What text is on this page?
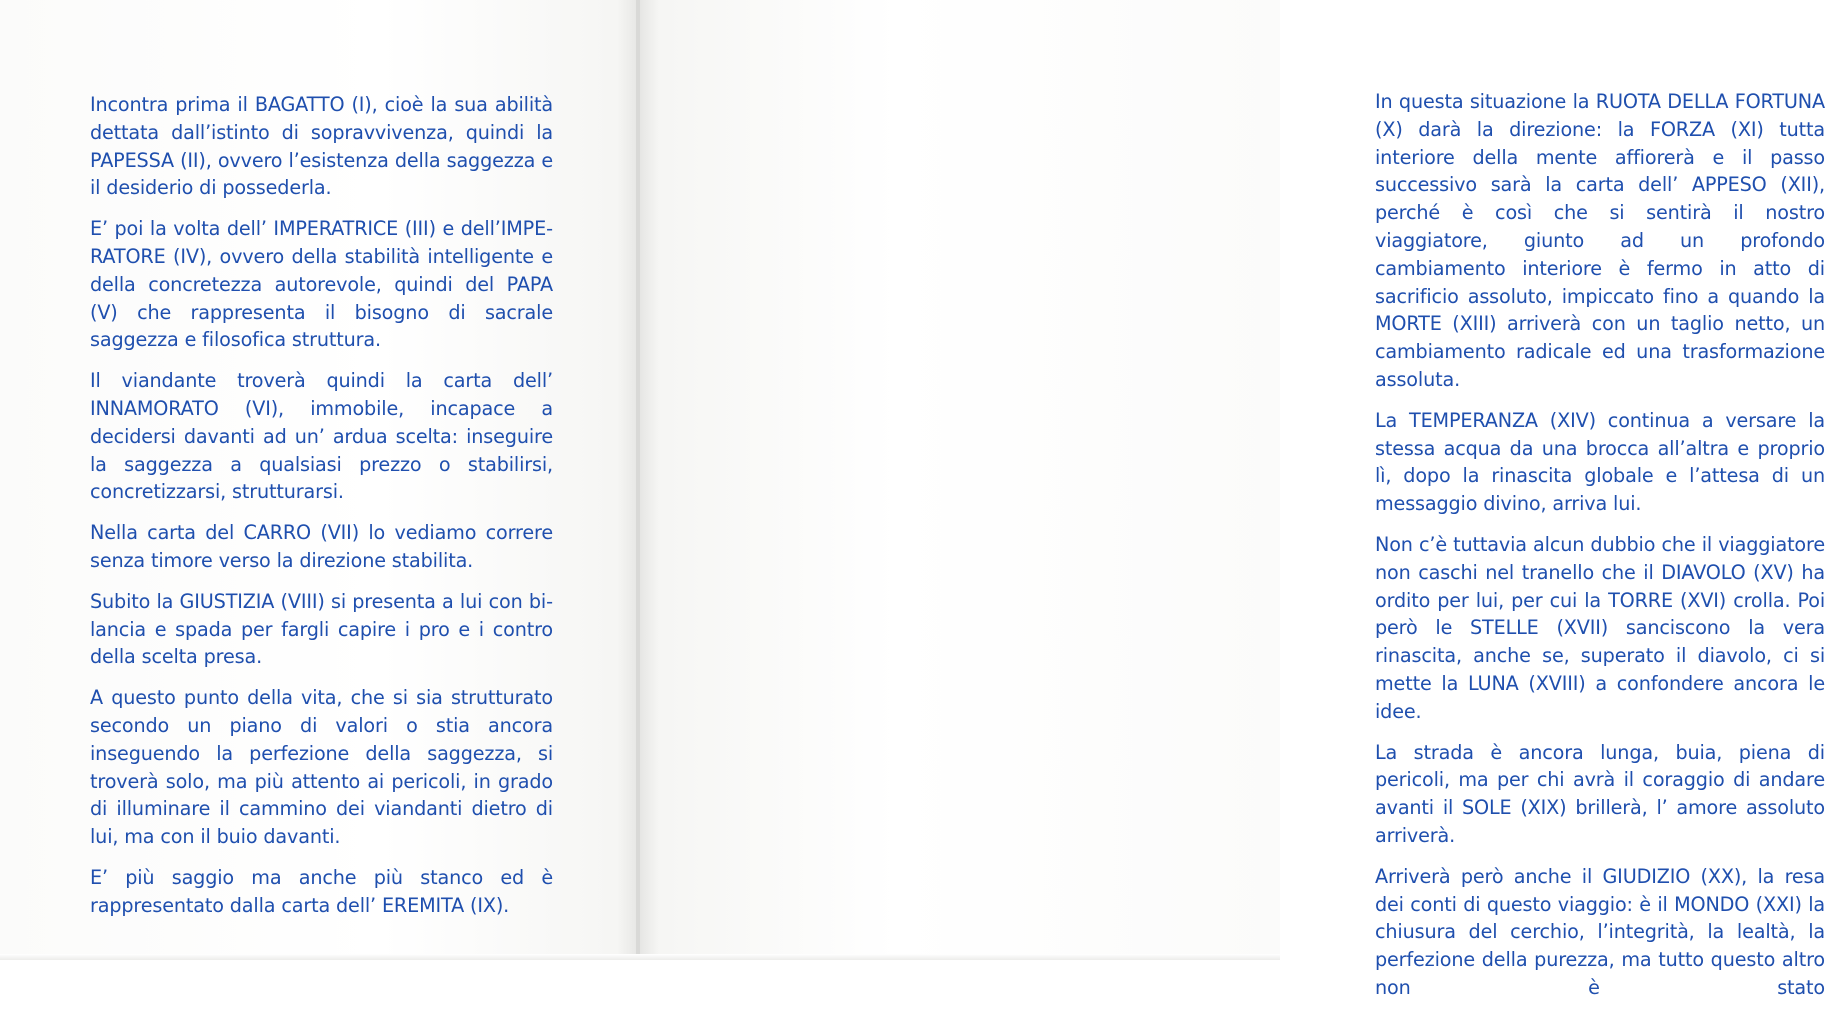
Incontra prima il BAGATTO (I), cioè la sua abilità dettata dall’istinto di sopravvivenza, quindi la PAPESSA (II), ovvero l’esistenza della saggezza e il desiderio di possederla.

E’ poi la volta dell’ IMPERATRICE (III) e dell’IMPERATORE (IV), ovvero della stabilità intelligente e della concretezza autorevole, quindi del PAPA (V) che rappresenta il bisogno di sacrale saggezza e filosofica struttura.

Il viandante troverà quindi la carta dell’ INNAMORATO (VI), immobile, incapace a decidersi davanti ad un’ ardua scelta: inseguire la saggezza a qualsiasi prezzo o stabilirsi, concretizzarsi, strutturarsi.

Nella carta del CARRO (VII) lo vediamo correre senza timore verso la direzione stabilita.

Subito la GIUSTIZIA (VIII) si presenta a lui con bilancia e spada per fargli capire i pro e i contro della scelta presa.

A questo punto della vita, che si sia strutturato secondo un piano di valori o stia ancora inseguendo la perfezione della saggezza, si troverà solo, ma più attento ai pericoli, in grado di illuminare il cammino dei viandanti dietro di lui, ma con il buio davanti.

E’ più saggio ma anche più stanco ed è rappresentato dalla carta dell’ EREMITA (IX).

In questa situazione la RUOTA DELLA FORTUNA (X) darà la direzione: la FORZA (XI) tutta interiore della mente affiorerà e il passo successivo sarà la carta dell’ APPESO (XII), perché è così che si sentirà il nostro viaggiatore, giunto ad un profondo cambiamento interiore è fermo in atto di sacrificio assoluto, impiccato fino a quando la MORTE (XIII) arriverà con un taglio netto, un cambiamento radicale ed una trasformazione assoluta.

La TEMPERANZA (XIV) continua a versare la stessa acqua da una brocca all’altra e proprio lì, dopo la rinascita globale e l’attesa di un messaggio divino, arriva lui.

Non c’è tuttavia alcun dubbio che il viaggiatore non caschi nel tranello che il DIAVOLO (XV) ha ordito per lui, per cui la TORRE (XVI) crolla. Poi però le STELLE (XVII) sanciscono la vera rinascita, anche se, superato il diavolo, ci si mette la LUNA (XVIII) a confondere ancora le idee.

La strada è ancora lunga, buia, piena di pericoli, ma per chi avrà il coraggio di andare avanti il SOLE (XIX) brillerà, l’ amore assoluto arriverà.

Arriverà però anche il GIUDIZIO (XX), la resa dei conti di questo viaggio: è il MONDO (XXI) la chiusura del cerchio, l’integrità, la lealtà, la perfezione della purezza, ma tutto questo altro non è stato
